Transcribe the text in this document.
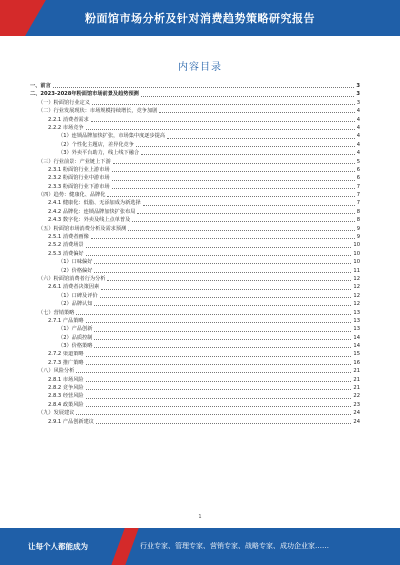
粉面馆市场分析及针对消费趋势策略研究报告
内容目录
一、前言	3
二、2023-2028年粉面馆市场前景及趋势预测	3
（一）粉面馆行业定义	3
（二）行业发展现状：市场规模持续增长，竞争加剧	4
2.2.1 消费者需求	4
2.2.2 市场竞争	4
（1）连锁品牌加快扩张，市场集中度逐步提高	4
（2）个性化主题店，差异化竞争	4
（3）外卖平台助力，线上线下融合	4
（三）行业前景：产业链上下游	5
2.3.1 粉面馆行业上游市场	6
2.3.2 粉面馆行业中游市场	6
2.3.3 粉面馆行业下游市场	7
（四）趋势：健康化、品牌化	7
2.4.1 健康化：低脂、无添加成为新选择	7
2.4.2 品牌化：连锁品牌加快扩张布局	8
2.4.3 数字化：外卖及线上点单普及	8
（五）粉面馆市场消费分析及需求预测	9
2.5.1 消费者画像	9
2.5.2 消费场景	10
2.5.3 消费偏好	10
（1）口味偏好	10
（2）价格偏好	11
（六）粉面馆消费者行为分析	12
2.6.1 消费者决策因素	12
（1）口碑及评价	12
（2）品牌认知	12
（七）营销策略	13
2.7.1 产品策略	13
（1）产品创新	13
（2）品质控制	14
（3）价格策略	14
2.7.2 渠道策略	15
2.7.3 推广策略	16
（八）风险分析	21
2.8.1 市场风险	21
2.8.2 竞争风险	21
2.8.3 经营风险	22
2.8.4 政策风险	23
（九）发展建议	24
2.9.1 产品创新建议	24
1
让每个人都能成为	行业专家、管理专家、营销专家、战略专家、成功企业家……
